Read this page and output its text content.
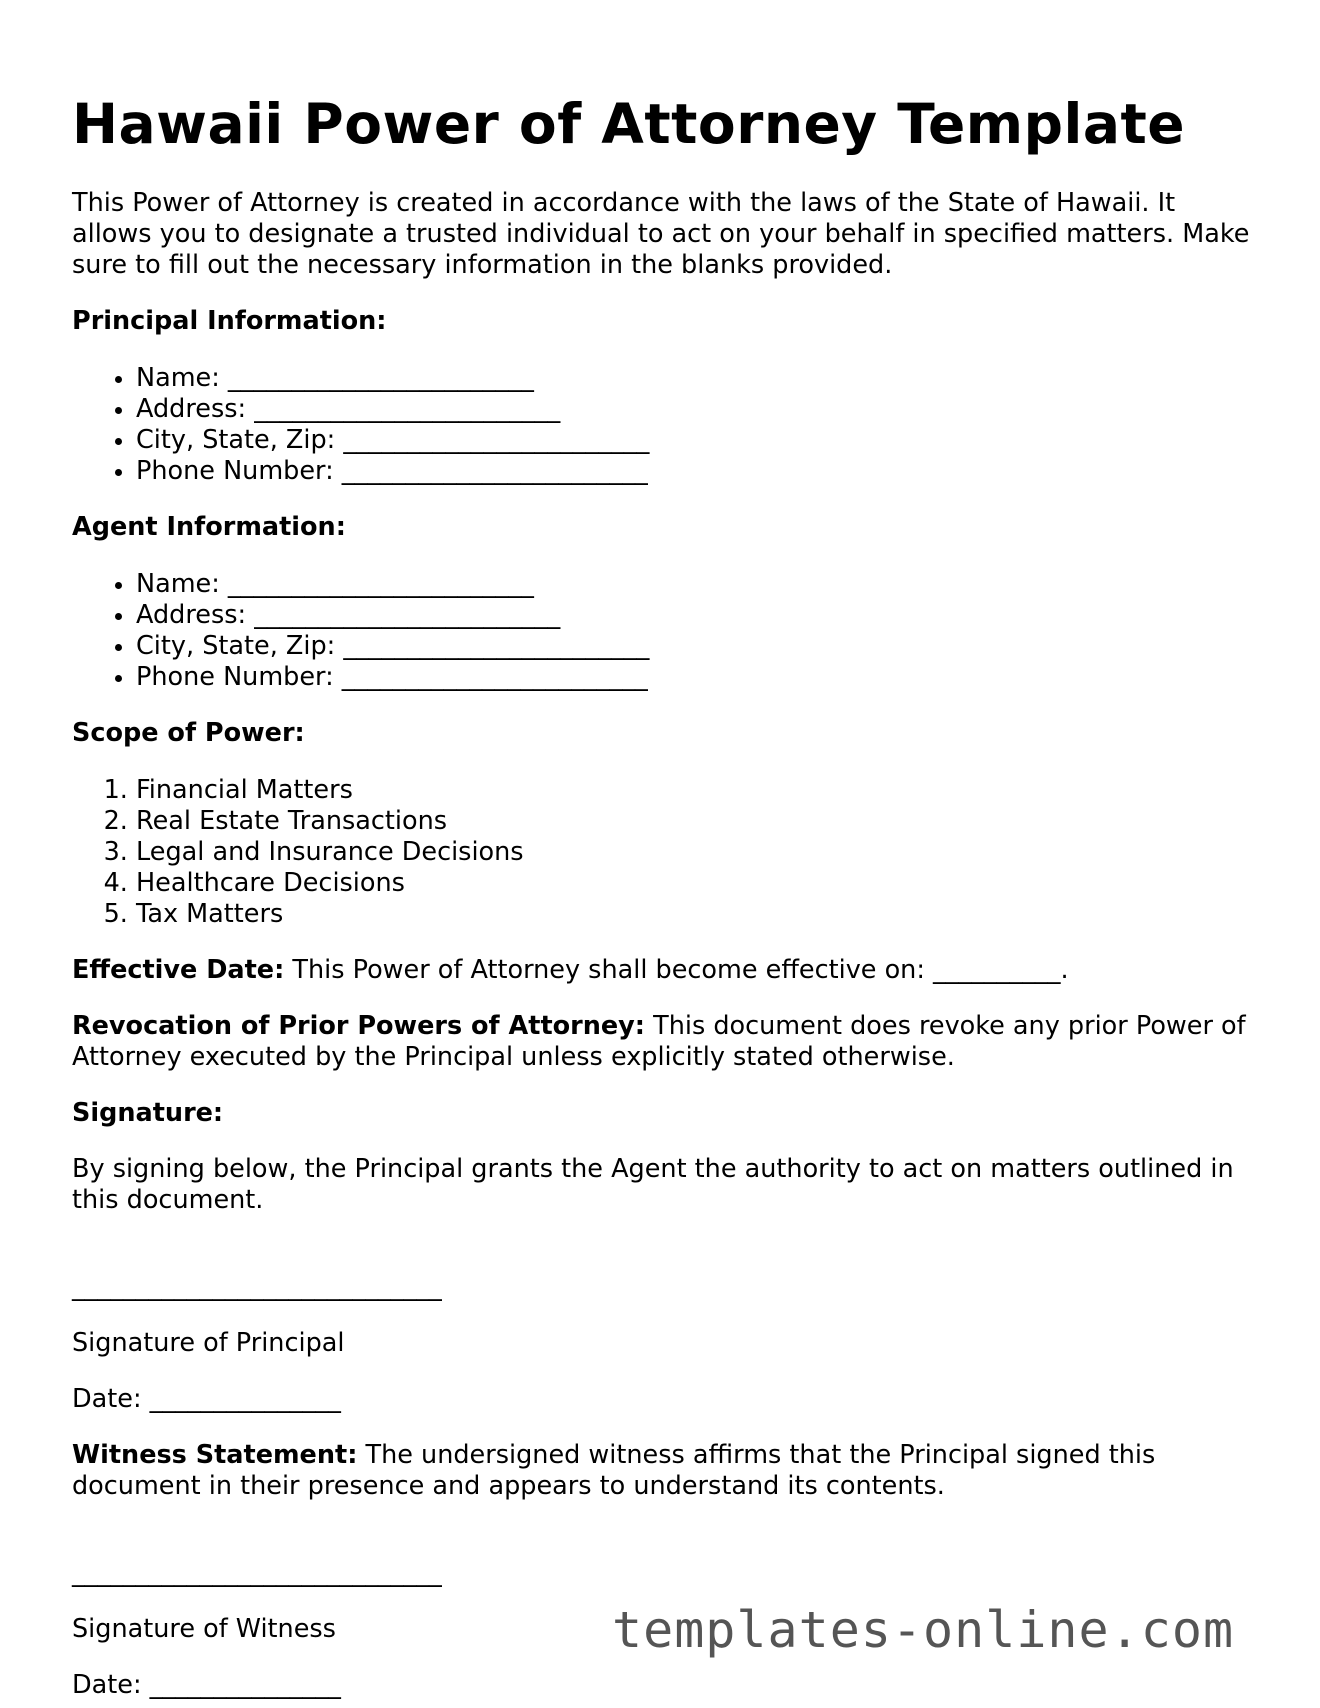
Hawaii Power of Attorney Template

This Power of Attorney is created in accordance with the laws of the State of Hawaii. It allows you to designate a trusted individual to act on your behalf in specified matters. Make sure to fill out the necessary information in the blanks provided.

Principal Information:

• Name: ________________________
• Address: ________________________
• City, State, Zip: ________________________
• Phone Number: ________________________

Agent Information:

• Name: ________________________
• Address: ________________________
• City, State, Zip: ________________________
• Phone Number: ________________________

Scope of Power:

1. Financial Matters
2. Real Estate Transactions
3. Legal and Insurance Decisions
4. Healthcare Decisions
5. Tax Matters

Effective Date: This Power of Attorney shall become effective on: __________.

Revocation of Prior Powers of Attorney: This document does revoke any prior Power of Attorney executed by the Principal unless explicitly stated otherwise.

Signature:

By signing below, the Principal grants the Agent the authority to act on matters outlined in this document.

_____________________________

Signature of Principal

Date: _______________

Witness Statement: The undersigned witness affirms that the Principal signed this document in their presence and appears to understand its contents.

_____________________________

Signature of Witness

Date: _______________

templates-online.com
